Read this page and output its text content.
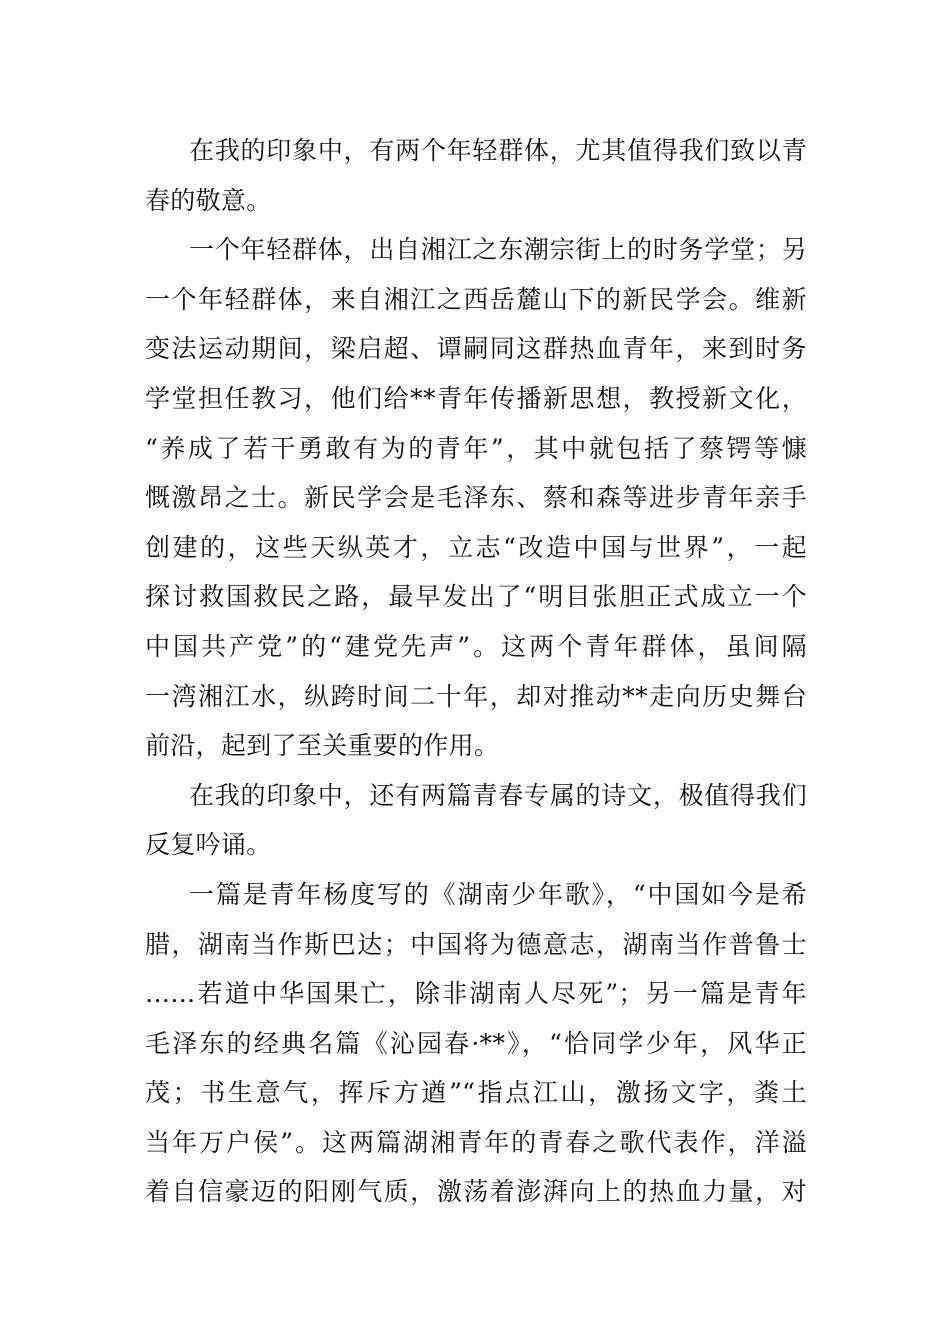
在我的印象中，有两个年轻群体，尤其值得我们致以青
春的敬意。
一个年轻群体，出自湘江之东潮宗街上的时务学堂；另
一个年轻群体，来自湘江之西岳麓山下的新民学会。维新
变法运动期间，梁启超、谭嗣同这群热血青年，来到时务
学堂担任教习，他们给**青年传播新思想，教授新文化，
“养成了若干勇敢有为的青年”，其中就包括了蔡锷等慷
慨激昂之士。新民学会是毛泽东、蔡和森等进步青年亲手
创建的，这些天纵英才，立志“改造中国与世界”，一起
探讨救国救民之路，最早发出了“明目张胆正式成立一个
中国共产党”的“建党先声”。这两个青年群体，虽间隔
一湾湘江水，纵跨时间二十年，却对推动**走向历史舞台
前沿，起到了至关重要的作用。
在我的印象中，还有两篇青春专属的诗文，极值得我们
反复吟诵。
一篇是青年杨度写的《湖南少年歌》，“中国如今是希
腊，湖南当作斯巴达；中国将为德意志，湖南当作普鲁士
……若道中华国果亡，除非湖南人尽死”；另一篇是青年
毛泽东的经典名篇《沁园春·**》，“恰同学少年，风华正
茂；书生意气，挥斥方遒”“指点江山，激扬文字，粪土
当年万户侯”。这两篇湖湘青年的青春之歌代表作，洋溢
着自信豪迈的阳刚气质，激荡着澎湃向上的热血力量，对
